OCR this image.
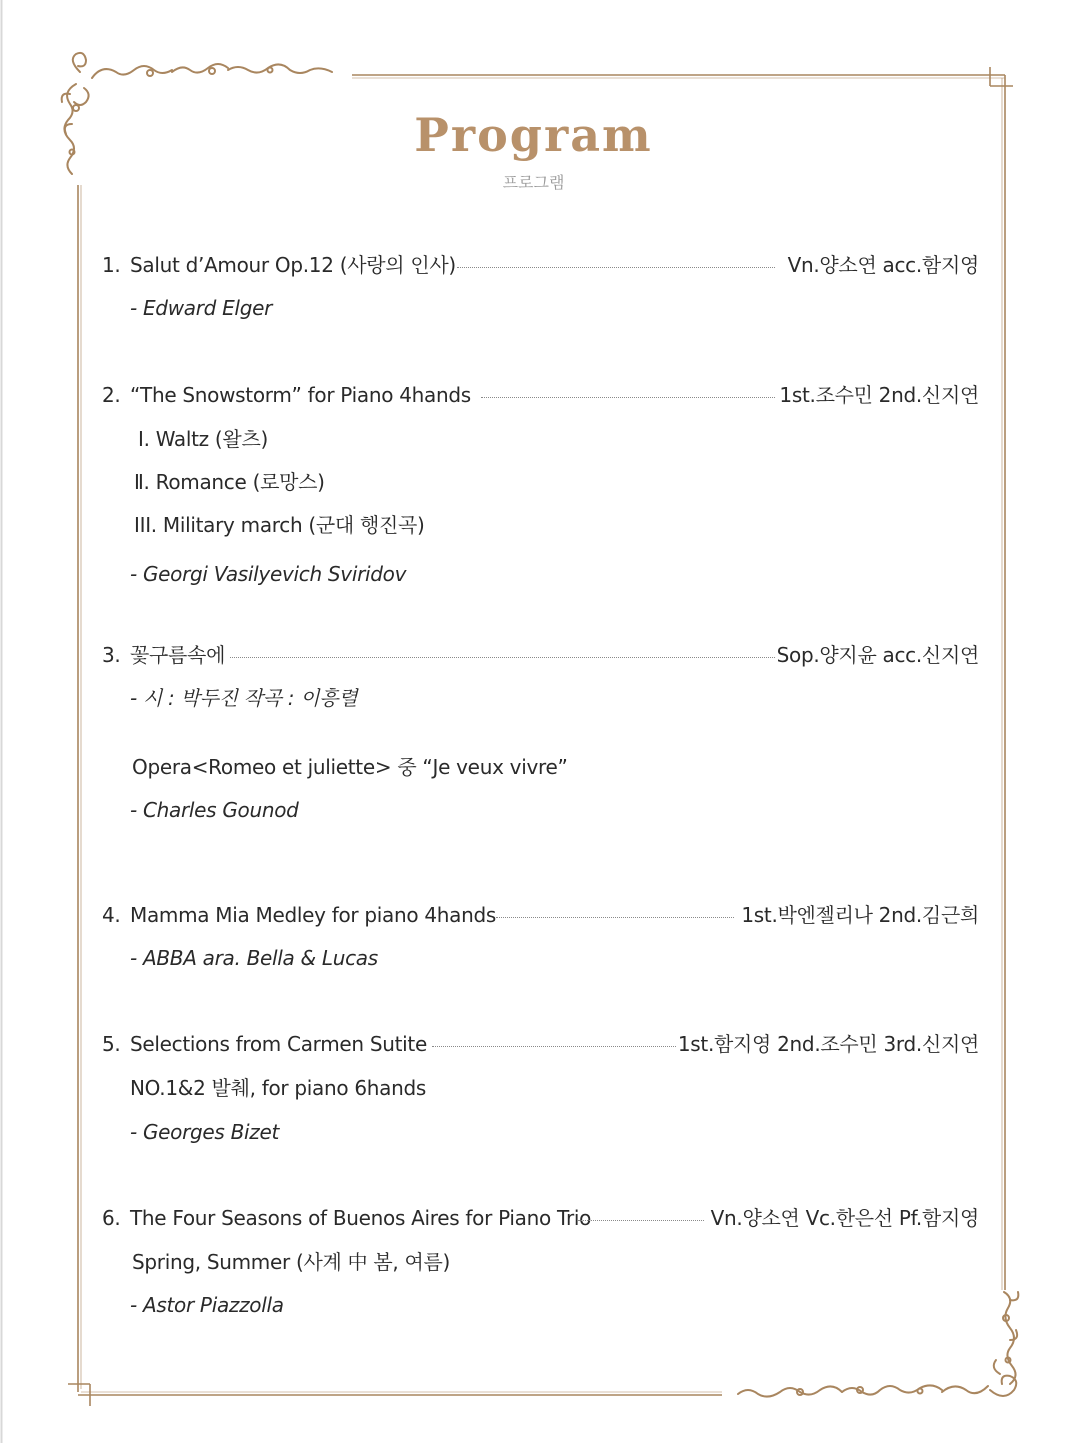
Program
프로그램
1. Salut d’Amour Op.12 (사랑의 인사)	Vn.양소연 acc.함지영
- Edward Elger
2. “The Snowstorm” for Piano 4hands	1st.조수민 2nd.신지연
Ⅰ. Waltz (왈츠)
Ⅱ. Romance (로망스)
III. Military march (군대 행진곡)
- Georgi Vasilyevich Sviridov
3. 꽃구름속에	Sop.양지윤 acc.신지연
- 시 : 박두진 작곡 : 이흥렬
Opera<Romeo et juliette> 중 “Je veux vivre”
- Charles Gounod
4. Mamma Mia Medley for piano 4hands	1st.박엔젤리나 2nd.김근희
- ABBA ara. Bella & Lucas
5. Selections from Carmen Sutite	1st.함지영 2nd.조수민 3rd.신지연
NO.1&2 발췌, for piano 6hands
- Georges Bizet
6. The Four Seasons of Buenos Aires for Piano Trio	Vn.양소연 Vc.한은선 Pf.함지영
Spring, Summer (사계 中 봄, 여름)
- Astor Piazzolla
